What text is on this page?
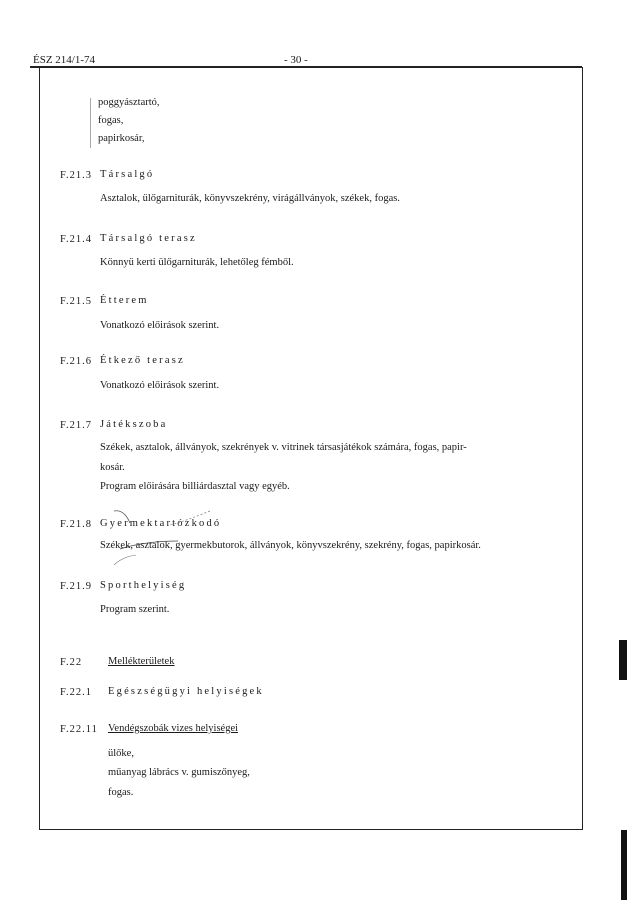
ÉSZ 214/1-74	- 30 -
poggyásztartó,
fogas,
papirkosár,
F.21.3 Társalgó
Asztalok, ülőgarniturák, könyvszekrény, virágállványok, székek, fogas.
F.21.4 Társalgó terasz
Könnyü kerti ülőgarniturák, lehetőleg fémből.
F.21.5 Étterem
Vonatkozó előirások szerint.
F.21.6 Étkező terasz
Vonatkozó előirások szerint.
F.21.7 Játékszoba
Székek, asztalok, állványok, szekrények v. vitrinek társasjátékok számára, fogas, papir-
kosár.
Program előirására billiárdasztal vagy egyéb.
F.21.8 Gyermektartózkodó
Székek, asztalok, gyermekbutorok, állványok, könyvszekrény, szekrény, fogas, papirkosár.
F.21.9 Sporthelyiség
Program szerint.
F.22 Mellékterületek
F.22.1 Egészségügyi helyiségek
F.22.11 Vendégszobák vizes helyiségei
ülőke,
műanyag lábrács v. gumiszőnyeg,
fogas.
